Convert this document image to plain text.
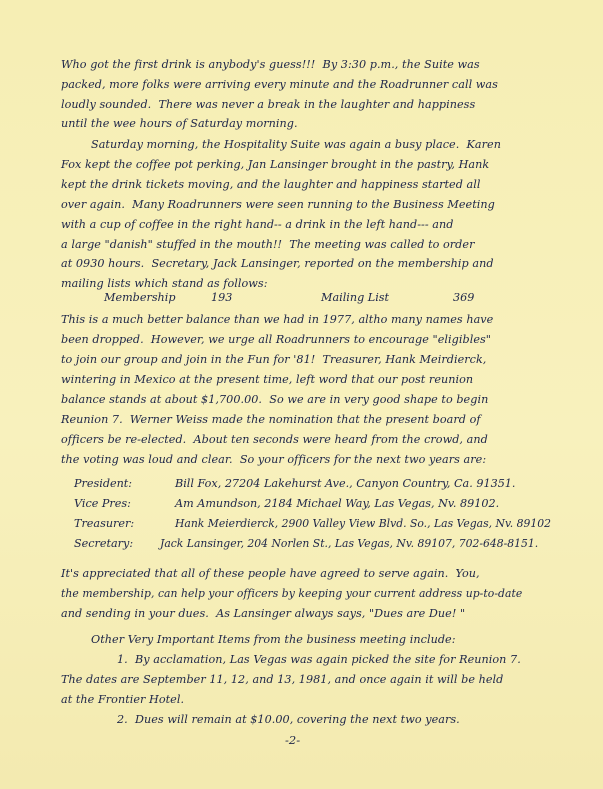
Who got the first drink is anybody's guess!!!  By 3:30 p.m., the Suite was
packed, more folks were arriving every minute and the Roadrunner call was
loudly sounded.  There was never a break in the laughter and happiness
until the wee hours of Saturday morning.
Saturday morning, the Hospitality Suite was again a busy place.  Karen
Fox kept the coffee pot perking, Jan Lansinger brought in the pastry, Hank
kept the drink tickets moving, and the laughter and happiness started all
over again.  Many Roadrunners were seen running to the Business Meeting
with a cup of coffee in the right hand-- a drink in the left hand--- and
a large "danish" stuffed in the mouth!!  The meeting was called to order
at 0930 hours.  Secretary, Jack Lansinger, reported on the membership and
mailing lists which stand as follows:
Membership	193	Mailing List	369
This is a much better balance than we had in 1977, altho many names have
been dropped.  However, we urge all Roadrunners to encourage "eligibles"
to join our group and join in the Fun for '81!  Treasurer, Hank Meirdierck,
wintering in Mexico at the present time, left word that our post reunion
balance stands at about $1,700.00.  So we are in very good shape to begin
Reunion 7.  Werner Weiss made the nomination that the present board of
officers be re-elected.  About ten seconds were heard from the crowd, and
the voting was loud and clear.  So your officers for the next two years are:
President:	Bill Fox, 27204 Lakehurst Ave., Canyon Country, Ca. 91351.
Vice Pres:	Am Amundson, 2184 Michael Way, Las Vegas, Nv. 89102.
Treasurer:	Hank Meierdierck, 2900 Valley View Blvd. So., Las Vegas, Nv. 89102
Secretary: Jack Lansinger, 204 Norlen St., Las Vegas, Nv. 89107, 702-648-8151.
It's appreciated that all of these people have agreed to serve again.  You,
the membership, can help your officers by keeping your current address up-to-date
and sending in your dues.  As Lansinger always says, "Dues are Due! "
Other Very Important Items from the business meeting include:
1.  By acclamation, Las Vegas was again picked the site for Reunion 7.
The dates are September 11, 12, and 13, 1981, and once again it will be held
at the Frontier Hotel.
2.  Dues will remain at $10.00, covering the next two years.
-2-
